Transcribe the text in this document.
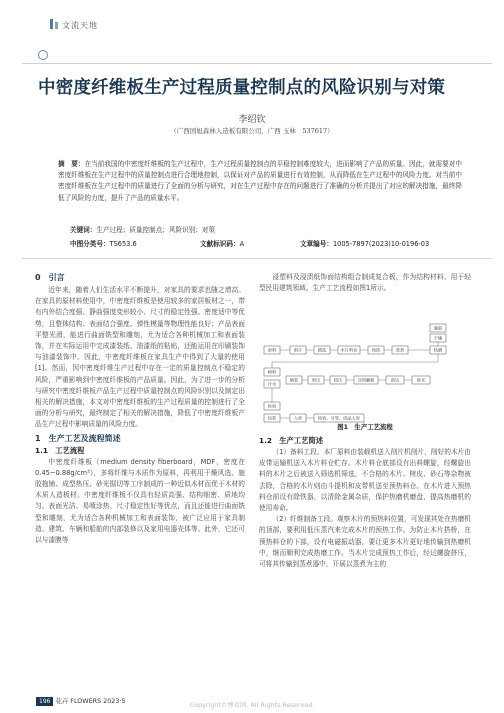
文流天地
中密度纤维板生产过程质量控制点的风险识别与对策
李绍钦
（广西国旭森林人造板有限公司，广西 玉林　537617）
摘　要：在当前我国的中密度纤维板的生产过程中，生产过程质量控制点的平稳控制难度较大，进而影响了产品的质量。因此，就需要对中密度纤维板在生产过程中的质量控制点进行合理地控制，以保证对产品的质量进行有效控制，从而降低在生产过程中的风险力度。对当前中密度纤维板在生产过程中的质量进行了全面的分析与研究，对在生产过程中存在的问题进行了准确的分析并提出了对应的解决措施，最终降低了风险的力度，提升了产品的质量水平。
关键词：生产过程；质量控制点；风险识别；对策
中图分类号：TS653.6	文献标识码：A	文章编号：1005-7897(2023)10-0196-03
0　引言

近年来，随着人们生活水平不断提升，对家具的要求也随之增高。在家具的原材料使用中，中密度纤维板是使用较多的家居板材之一，带有内外结合度强、静曲强度变形较小、尺寸的稳定性强、密度适中等优势，且整体结构、表面结合强度、弹性模量等物理性能良好；产品表面平整光滑，能进行曲面铣型和雕刻，尤为适合各种机械加工和表面装饰，并在实际运用中完成漆装纸、油漆纸的粘贴，还能运用在印刷装饰与油漆装饰中。因此，中密度纤维板在家具生产中得到了大量的使用[1]。然而，因中密度纤维生产过程中存在一定的质量控制点不稳定的风险，严重影响到中密度纤维板的产品质量。因此，为了进一步的分析与研究中密度纤维板产品生产过程中质量控制点的风险识别以及制定出相关的解决措施，本文对中密度纤维板的生产过程质量的控制进行了全面的分析与研究，最终制定了相关的解决措施，降低了中密度纤维板产品生产过程中影响质量的风险力度。

1　生产工艺及流程简述
1.1　工艺流程

中密度纤维板（medium density fiberboard，MDF，密度在0.45~0.88g/cm³），多将纤维与木质作为原料，再利用干燥风选、施胶拖铺、成型热压、砂光锯切等工序制成的一种近似木材而优于木材的木质人造板材。中密度纤维板不仅具有轻质高强、结构细密、质地均匀、表面光洁、易喷涂热、尺寸稳定性好等优点，而且还能进行曲面铣型和雕刻，尤为适合各种机械加工和表面装饰，被广泛应用于家具制造、建筑、车辆和船舶的内部装修以及家用电器壳体等。此外，它还可以与漆膜等

浸塑料及浸渍纸饰面结构组合制成复合板，作为结构材料、用于轻型民用建筑领域。生产工艺流程如图1所示。

施胶
干燥
原料	削片	筛选	木片料仓	预热	蒸煮	热磨
树料
汁水
铺装	预压	热压	冷却翻板	裁边	砂光
检验
包装	入库	检验、分等、成品入库
图1　生产工艺流程
1.2　生产工艺简述

（1）备料工段。本厂原料由装载机送入削片机削片，削好的木片由皮带运输机送入木片料仓贮存。木片料仓底部设有出料螺旋，经螺旋出料的木片之后被送入筛选机筛选，不合格的木片、树皮、砂石等杂物被去除，合格的木片则由斗提机和皮带机送至预热料仓。在木片进入预热料仓前设有除铁器，以清除金属杂质，保护热磨机磨盘，提高热磨机的使用寿命。

（2）纤维制备工段。观察木片的预热料位置，可发现其处在热磨机的顶部，要利用低压蒸汽来完成木片的预热工作。为防止木片搭桥，在预热料仓的下部，设有电磁振动器，要让更多木片更好地传输到热磨机中，继而顺利完成热磨工作。当木片完成预热工作后，经过螺旋挤压，可将其传输到蒸煮器中，开展以蒸煮为主的

196 花卉 FLOWERS 2023·5	Copyright©博看网. All Rights Reserved.
